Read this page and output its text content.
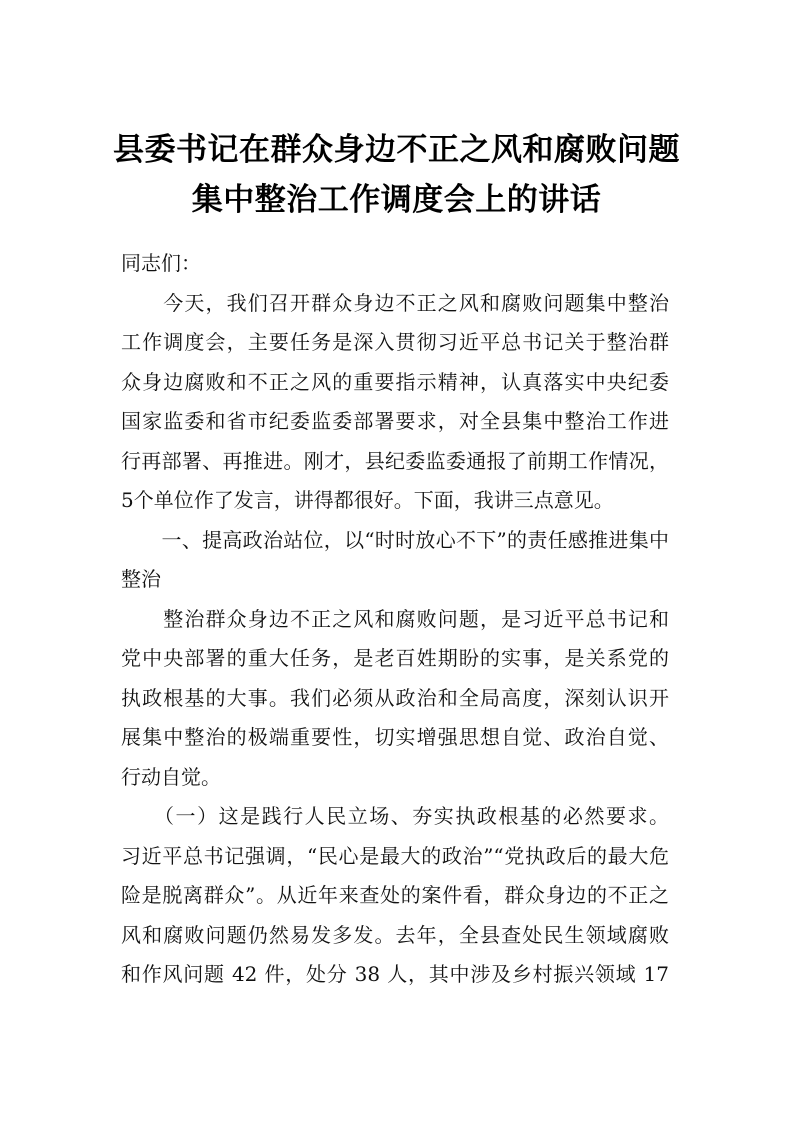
县委书记在群众身边不正之风和腐败问题
集中整治工作调度会上的讲话
同志们：
　　今天，我们召开群众身边不正之风和腐败问题集中整治
工作调度会，主要任务是深入贯彻习近平总书记关于整治群
众身边腐败和不正之风的重要指示精神，认真落实中央纪委
国家监委和省市纪委监委部署要求，对全县集中整治工作进
行再部署、再推进。刚才，县纪委监委通报了前期工作情况，
5个单位作了发言，讲得都很好。下面，我讲三点意见。
　　一、提高政治站位，以“时时放心不下”的责任感推进集中
整治
　　整治群众身边不正之风和腐败问题，是习近平总书记和
党中央部署的重大任务，是老百姓期盼的实事，是关系党的
执政根基的大事。我们必须从政治和全局高度，深刻认识开
展集中整治的极端重要性，切实增强思想自觉、政治自觉、
行动自觉。
　　（一）这是践行人民立场、夯实执政根基的必然要求。
习近平总书记强调，“民心是最大的政治”“党执政后的最大危
险是脱离群众”。从近年来查处的案件看，群众身边的不正之
风和腐败问题仍然易发多发。去年，全县查处民生领域腐败
和作风问题 42 件，处分 38 人，其中涉及乡村振兴领域 17
